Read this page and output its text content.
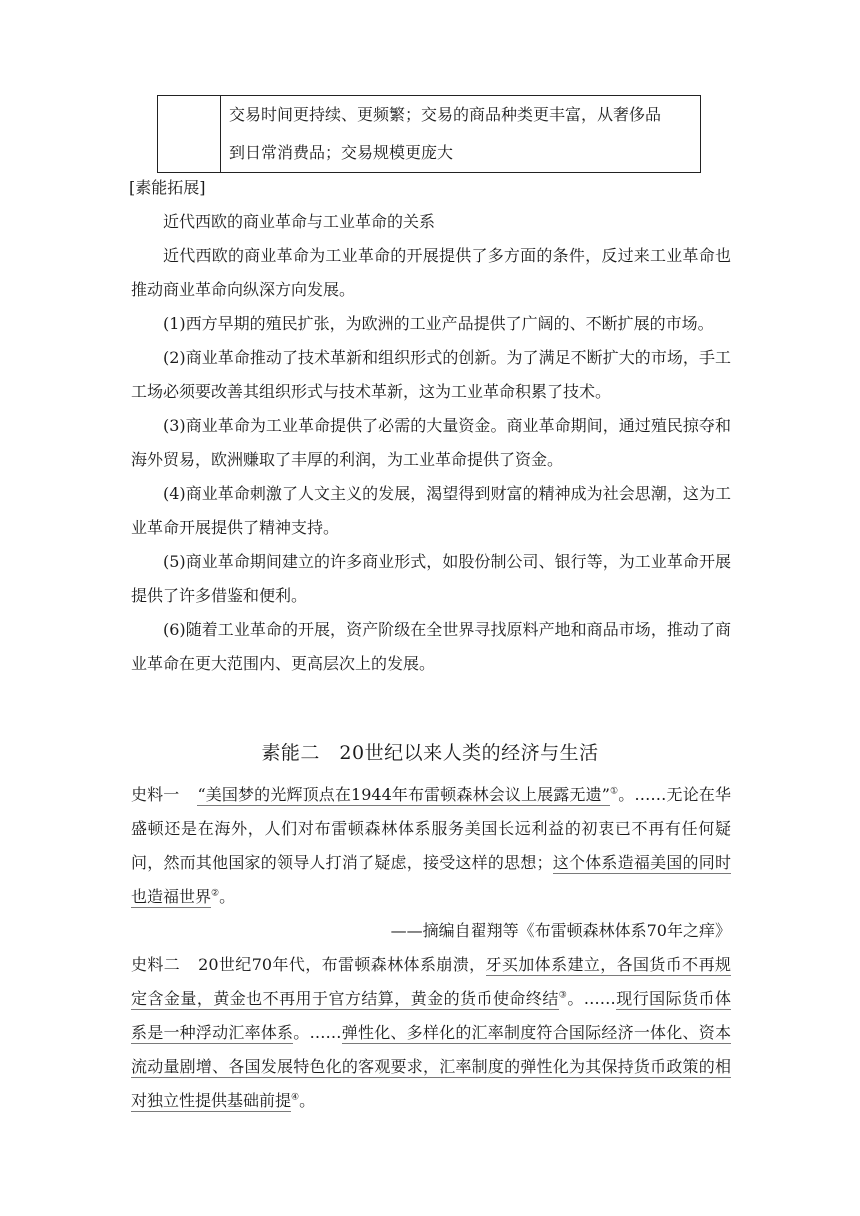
交易时间更持续、更频繁；交易的商品种类更丰富，从奢侈品
到日常消费品；交易规模更庞大

[素能拓展]

近代西欧的商业革命与工业革命的关系

近代西欧的商业革命为工业革命的开展提供了多方面的条件，反过来工业革命也推动商业革命向纵深方向发展。

(1)西方早期的殖民扩张，为欧洲的工业产品提供了广阔的、不断扩展的市场。

(2)商业革命推动了技术革新和组织形式的创新。为了满足不断扩大的市场，手工工场必须要改善其组织形式与技术革新，这为工业革命积累了技术。

(3)商业革命为工业革命提供了必需的大量资金。商业革命期间，通过殖民掠夺和海外贸易，欧洲赚取了丰厚的利润，为工业革命提供了资金。

(4)商业革命刺激了人文主义的发展，渴望得到财富的精神成为社会思潮，这为工业革命开展提供了精神支持。

(5)商业革命期间建立的许多商业形式，如股份制公司、银行等，为工业革命开展提供了许多借鉴和便利。

(6)随着工业革命的开展，资产阶级在全世界寻找原料产地和商品市场，推动了商业革命在更大范围内、更高层次上的发展。

素能二　20世纪以来人类的经济与生活

史料一 “美国梦的光辉顶点在1944年布雷顿森林会议上展露无遗”①。……无论在华盛顿还是在海外，人们对布雷顿森林体系服务美国长远利益的初衷已不再有任何疑问，然而其他国家的领导人打消了疑虑，接受这样的思想；这个体系造福美国的同时也造福世界②。

——摘编自翟翔等《布雷顿森林体系70年之痒》

史料二 20世纪70年代，布雷顿森林体系崩溃，牙买加体系建立，各国货币不再规定含金量，黄金也不再用于官方结算，黄金的货币使命终结③。……现行国际货币体系是一种浮动汇率体系。……弹性化、多样化的汇率制度符合国际经济一体化、资本流动量剧增、各国发展特色化的客观要求，汇率制度的弹性化为其保持货币政策的相对独立性提供基础前提④。
